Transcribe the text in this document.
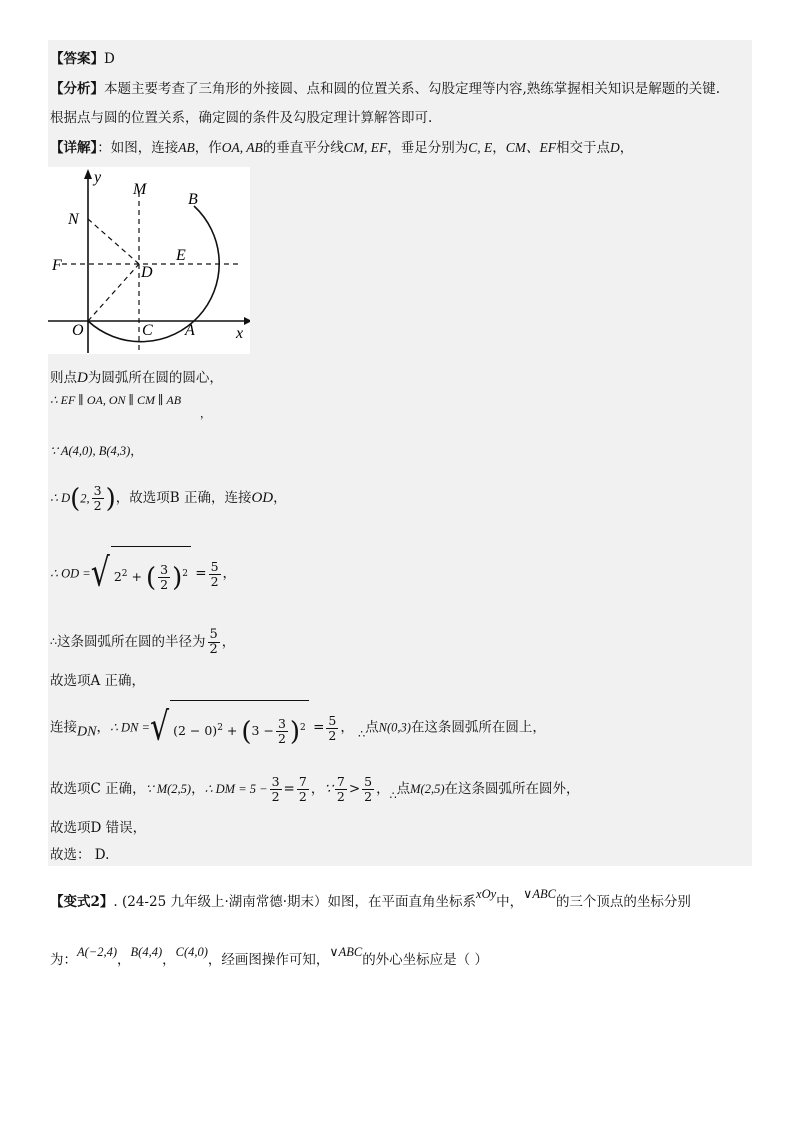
【答案】D
【分析】本题主要考查了三角形的外接圆、点和圆的位置关系、勾股定理等内容,熟练掌握相关知识是解题的关键.
根据点与圆的位置关系，确定圆的条件及勾股定理计算解答即可.
【详解】：如图，连接AB，作OA, AB的垂直平分线CM, EF，垂足分别为C, E，CM、EF相交于点D，
y
M
B
N
E
F	D
O	C A	x
则点D为圆弧所在圆的圆心，
∴ EF ∥ OA, ON ∥ CM ∥ AB
，
∵ A(4,0), B(4,3)，
∴ D(2, $\frac{3}{2}$ )，故选项B 正确，连接OD，
∴ OD =√ $2^2$ + ( $\frac{3}{2} )^2 = \frac{5}{2}$ ，
∴这条圆弧所在圆的半径为 $\frac{5}{2}$ ，
故选项A 正确，
连接DN，∴ DN =√ $(2 - 0)^2 + (3 - \frac{3}{2} )^2 = \frac{5}{2}$ ， $_\therefore$点N(0,3)在这条圆弧所在圆上，
故选项C 正确，∵ M(2,5)，∴ DM = $5 - \frac{3}{2} = \frac{7}{2}$ ，∵ $\frac{7}{2} > \frac{5}{2}$ ，$_\therefore$点M(2,5)在这条圆弧所在圆外，
故选项D 错误，
故选： D.
【变式2】. (24-25 九年级上·湖南常德·期末）如图，在平面直角坐标系xOy中，∨ABC的三个顶点的坐标分别
为：A(−2,4)，B(4,4)，C(4,0)，经画图操作可知，∨ABC的外心坐标应是（ ）
